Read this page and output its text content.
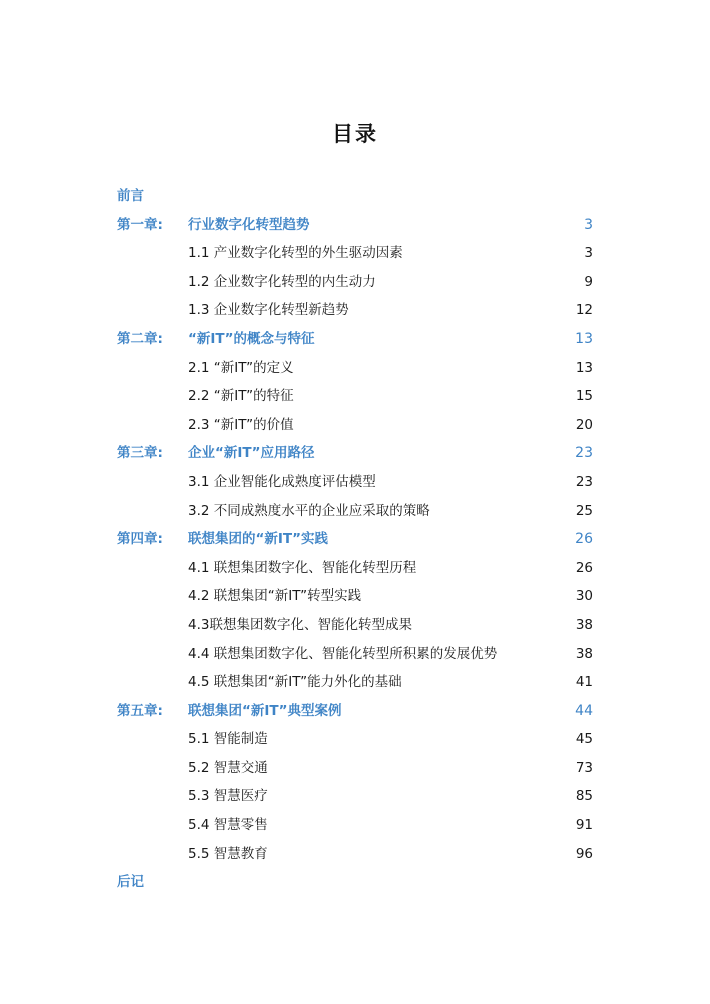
目录
前言
第一章: 行业数字化转型趋势	3
1.1 产业数字化转型的外生驱动因素	3
1.2 企业数字化转型的内生动力	9
1.3 企业数字化转型新趋势	12
第二章: “新IT”的概念与特征	13
2.1 “新IT”的定义	13
2.2 “新IT”的特征	15
2.3 “新IT”的价值	20
第三章: 企业“新IT”应用路径	23
3.1 企业智能化成熟度评估模型	23
3.2 不同成熟度水平的企业应采取的策略	25
第四章: 联想集团的“新IT”实践	26
4.1 联想集团数字化、智能化转型历程	26
4.2 联想集团“新IT”转型实践	30
4.3联想集团数字化、智能化转型成果	38
4.4 联想集团数字化、智能化转型所积累的发展优势	38
4.5 联想集团“新IT”能力外化的基础	41
第五章: 联想集团“新IT”典型案例	44
5.1 智能制造	45
5.2 智慧交通	73
5.3 智慧医疗	85
5.4 智慧零售	91
5.5 智慧教育	96
后记
